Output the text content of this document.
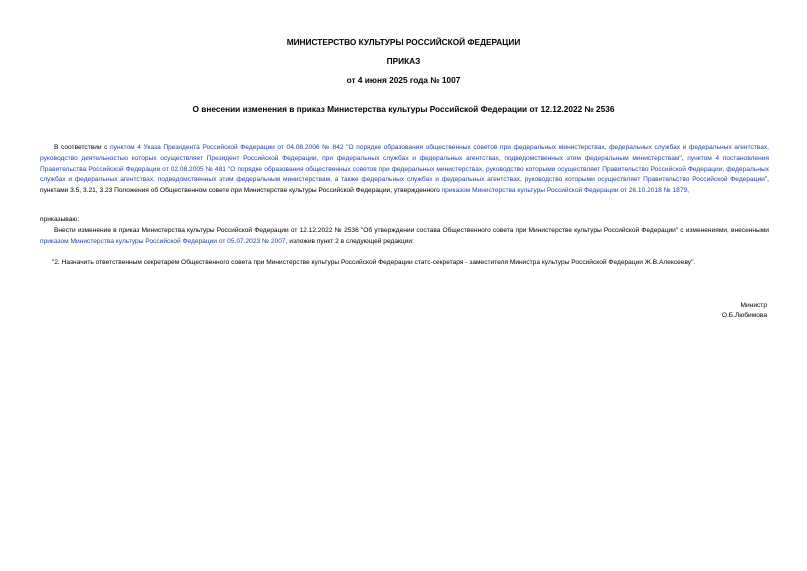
МИНИСТЕРСТВО КУЛЬТУРЫ РОССИЙСКОЙ ФЕДЕРАЦИИ
ПРИКАЗ
от 4 июня 2025 года № 1007
О внесении изменения в приказ Министерства культуры Российской Федерации от 12.12.2022 № 2536
В соответствии с пунктом 4 Указа Президента Российской Федерации от 04.08.2006 № 842 "О порядке образования общественных советов при федеральных министерствах, федеральных службах и федеральных агентствах, руководство деятельностью которых осуществляет Президент Российской Федерации, при федеральных службах и федеральных агентствах, подведомственных этим федеральным министерствам", пунктом 4 постановления Правительства Российской Федерации от 02.08.2005 № 481 "О порядке образования общественных советов при федеральных министерствах, руководство которыми осуществляет Правительство Российской Федерации, федеральных службах и федеральных агентствах, подведомственных этим федеральным министерствам, а также федеральных службах и федеральных агентствах, руководство которыми осуществляет Правительство Российской Федерации", пунктами 3.5, 3.21, 3.23 Положения об Общественном совете при Министерстве культуры Российской Федерации, утвержденного приказом Министерства культуры Российской Федерации от 26.10.2018 № 1879,
приказываю:
Внести изменение в приказ Министерства культуры Российской Федерации от 12.12.2022 № 2536 "Об утверждении состава Общественного совета при Министерстве культуры Российской Федерации" с изменениями, внесенными приказом Министерства культуры Российской Федерации от 05.07.2023 № 2007, изложив пункт 2 в следующей редакции:
"2. Назначить ответственным секретарем Общественного совета при Министерстве культуры Российской Федерации статс-секретаря - заместителя Министра культуры Российской Федерации Ж.В.Алексееву".
Министр
О.Б.Любимова
